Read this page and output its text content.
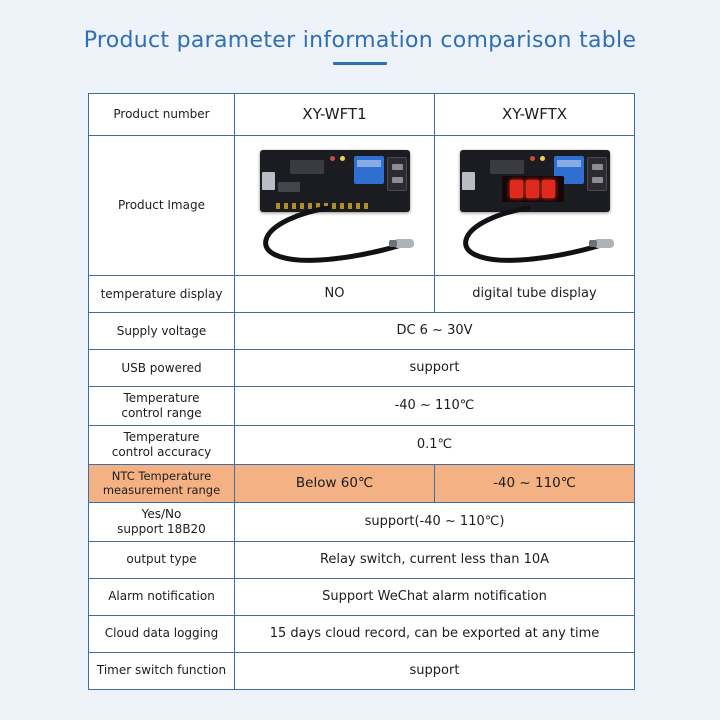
Product parameter information comparison table
Product number	XY-WFT1	XY-WFTX
Product Image	

temperature display	NO	digital tube display
Supply voltage	DC 6 ~ 30V	
USB powered	support	

Temperature
control range	-40 ~ 110℃	

Temperature
control accuracy	0.1℃	

NTC Temperature
measurement range	Below 60℃	-40 ~ 110℃

Yes/No
support 18B20	support(-40 ~ 110℃)	
output type	Relay switch, current less than 10A	
Alarm notification	Support WeChat alarm notification	
Cloud data logging	15 days cloud record, can be exported at any time	
Timer switch function	support	
